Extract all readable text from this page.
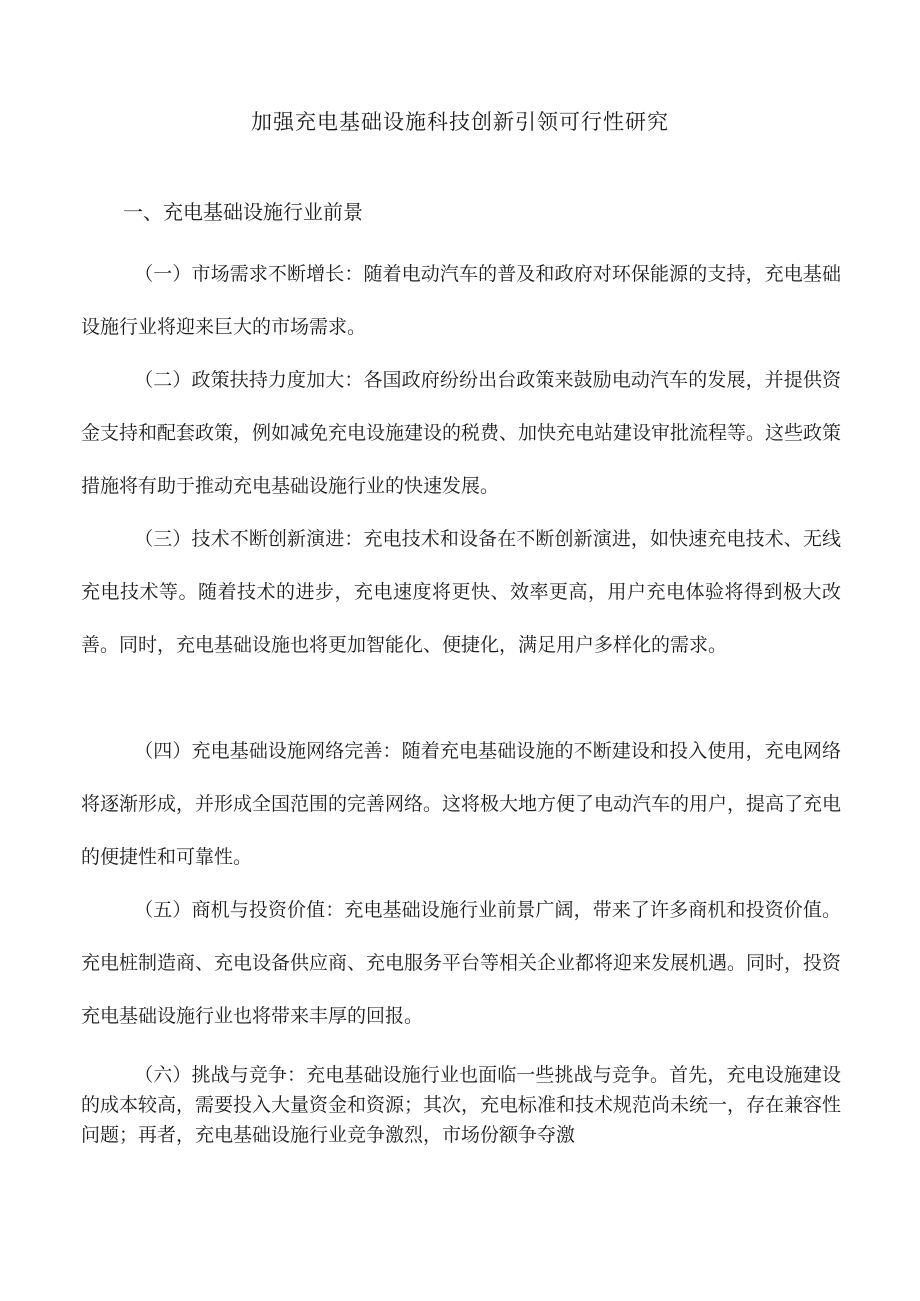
加强充电基础设施科技创新引领可行性研究
一、充电基础设施行业前景

（一）市场需求不断增长：随着电动汽车的普及和政府对环保能源的支持，充电基础设施行业将迎来巨大的市场需求。

（二）政策扶持力度加大：各国政府纷纷出台政策来鼓励电动汽车的发展，并提供资金支持和配套政策，例如减免充电设施建设的税费、加快充电站建设审批流程等。这些政策措施将有助于推动充电基础设施行业的快速发展。

（三）技术不断创新演进：充电技术和设备在不断创新演进，如快速充电技术、无线充电技术等。随着技术的进步，充电速度将更快、效率更高，用户充电体验将得到极大改善。同时，充电基础设施也将更加智能化、便捷化，满足用户多样化的需求。

（四）充电基础设施网络完善：随着充电基础设施的不断建设和投入使用，充电网络将逐渐形成，并形成全国范围的完善网络。这将极大地方便了电动汽车的用户，提高了充电的便捷性和可靠性。

（五）商机与投资价值：充电基础设施行业前景广阔，带来了许多商机和投资价值。充电桩制造商、充电设备供应商、充电服务平台等相关企业都将迎来发展机遇。同时，投资充电基础设施行业也将带来丰厚的回报。

（六）挑战与竞争：充电基础设施行业也面临一些挑战与竞争。首先，充电设施建设的成本较高，需要投入大量资金和资源；其次，充电标准和技术规范尚未统一，存在兼容性问题；再者，充电基础设施行业竞争激烈，市场份额争夺激
